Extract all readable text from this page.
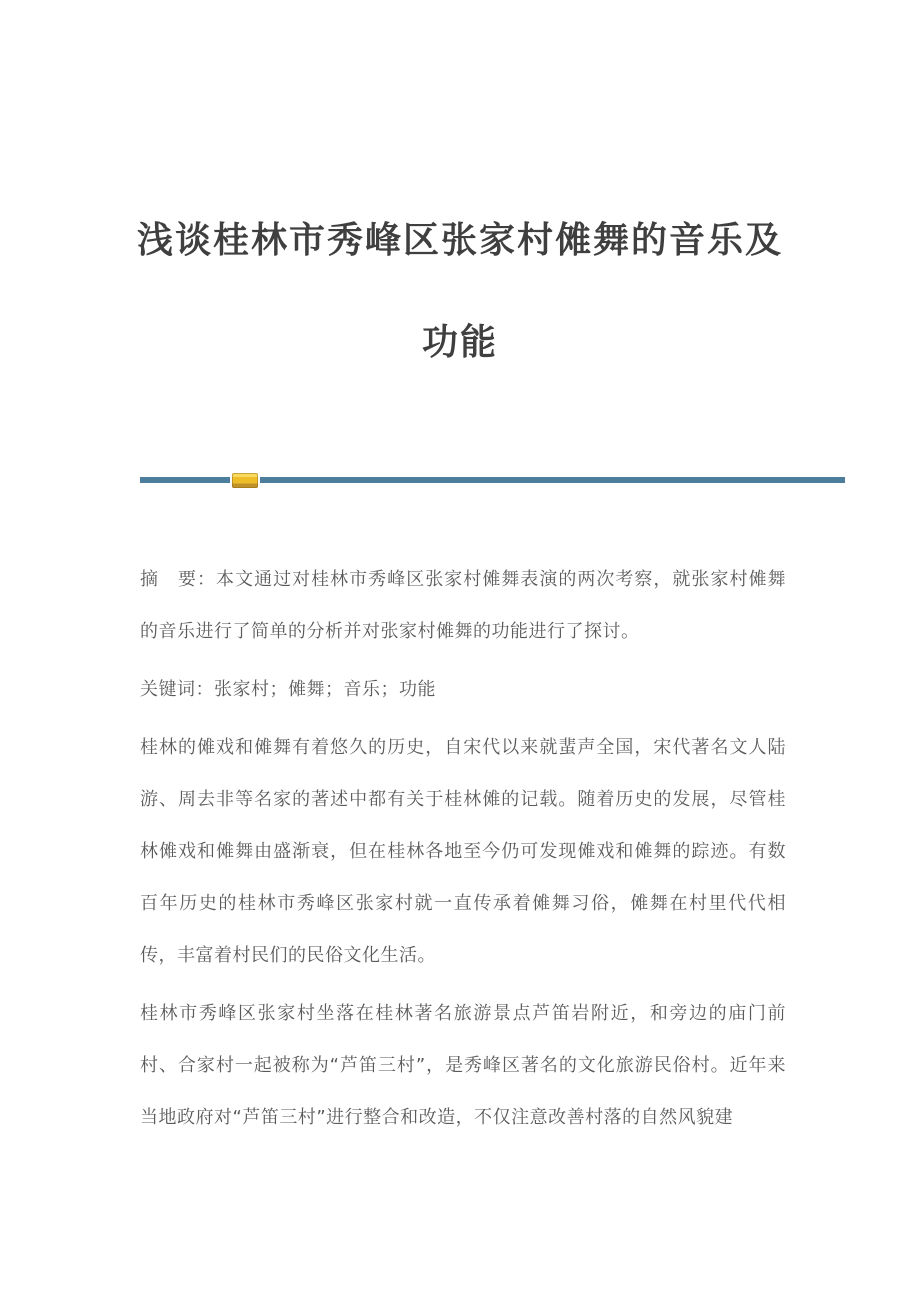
浅谈桂林市秀峰区张家村傩舞的音乐及
功能

摘　要：本文通过对桂林市秀峰区张家村傩舞表演的两次考察，就张家村傩舞的音乐进行了简单的分析并对张家村傩舞的功能进行了探讨。

关键词：张家村；傩舞；音乐；功能

桂林的傩戏和傩舞有着悠久的历史，自宋代以来就蜚声全国，宋代著名文人陆游、周去非等名家的著述中都有关于桂林傩的记载。随着历史的发展，尽管桂林傩戏和傩舞由盛渐衰，但在桂林各地至今仍可发现傩戏和傩舞的踪迹。有数百年历史的桂林市秀峰区张家村就一直传承着傩舞习俗，傩舞在村里代代相传，丰富着村民们的民俗文化生活。

桂林市秀峰区张家村坐落在桂林著名旅游景点芦笛岩附近，和旁边的庙门前村、合家村一起被称为“芦笛三村”，是秀峰区著名的文化旅游民俗村。近年来当地政府对“芦笛三村”进行整合和改造，不仅注意改善村落的自然风貌建
